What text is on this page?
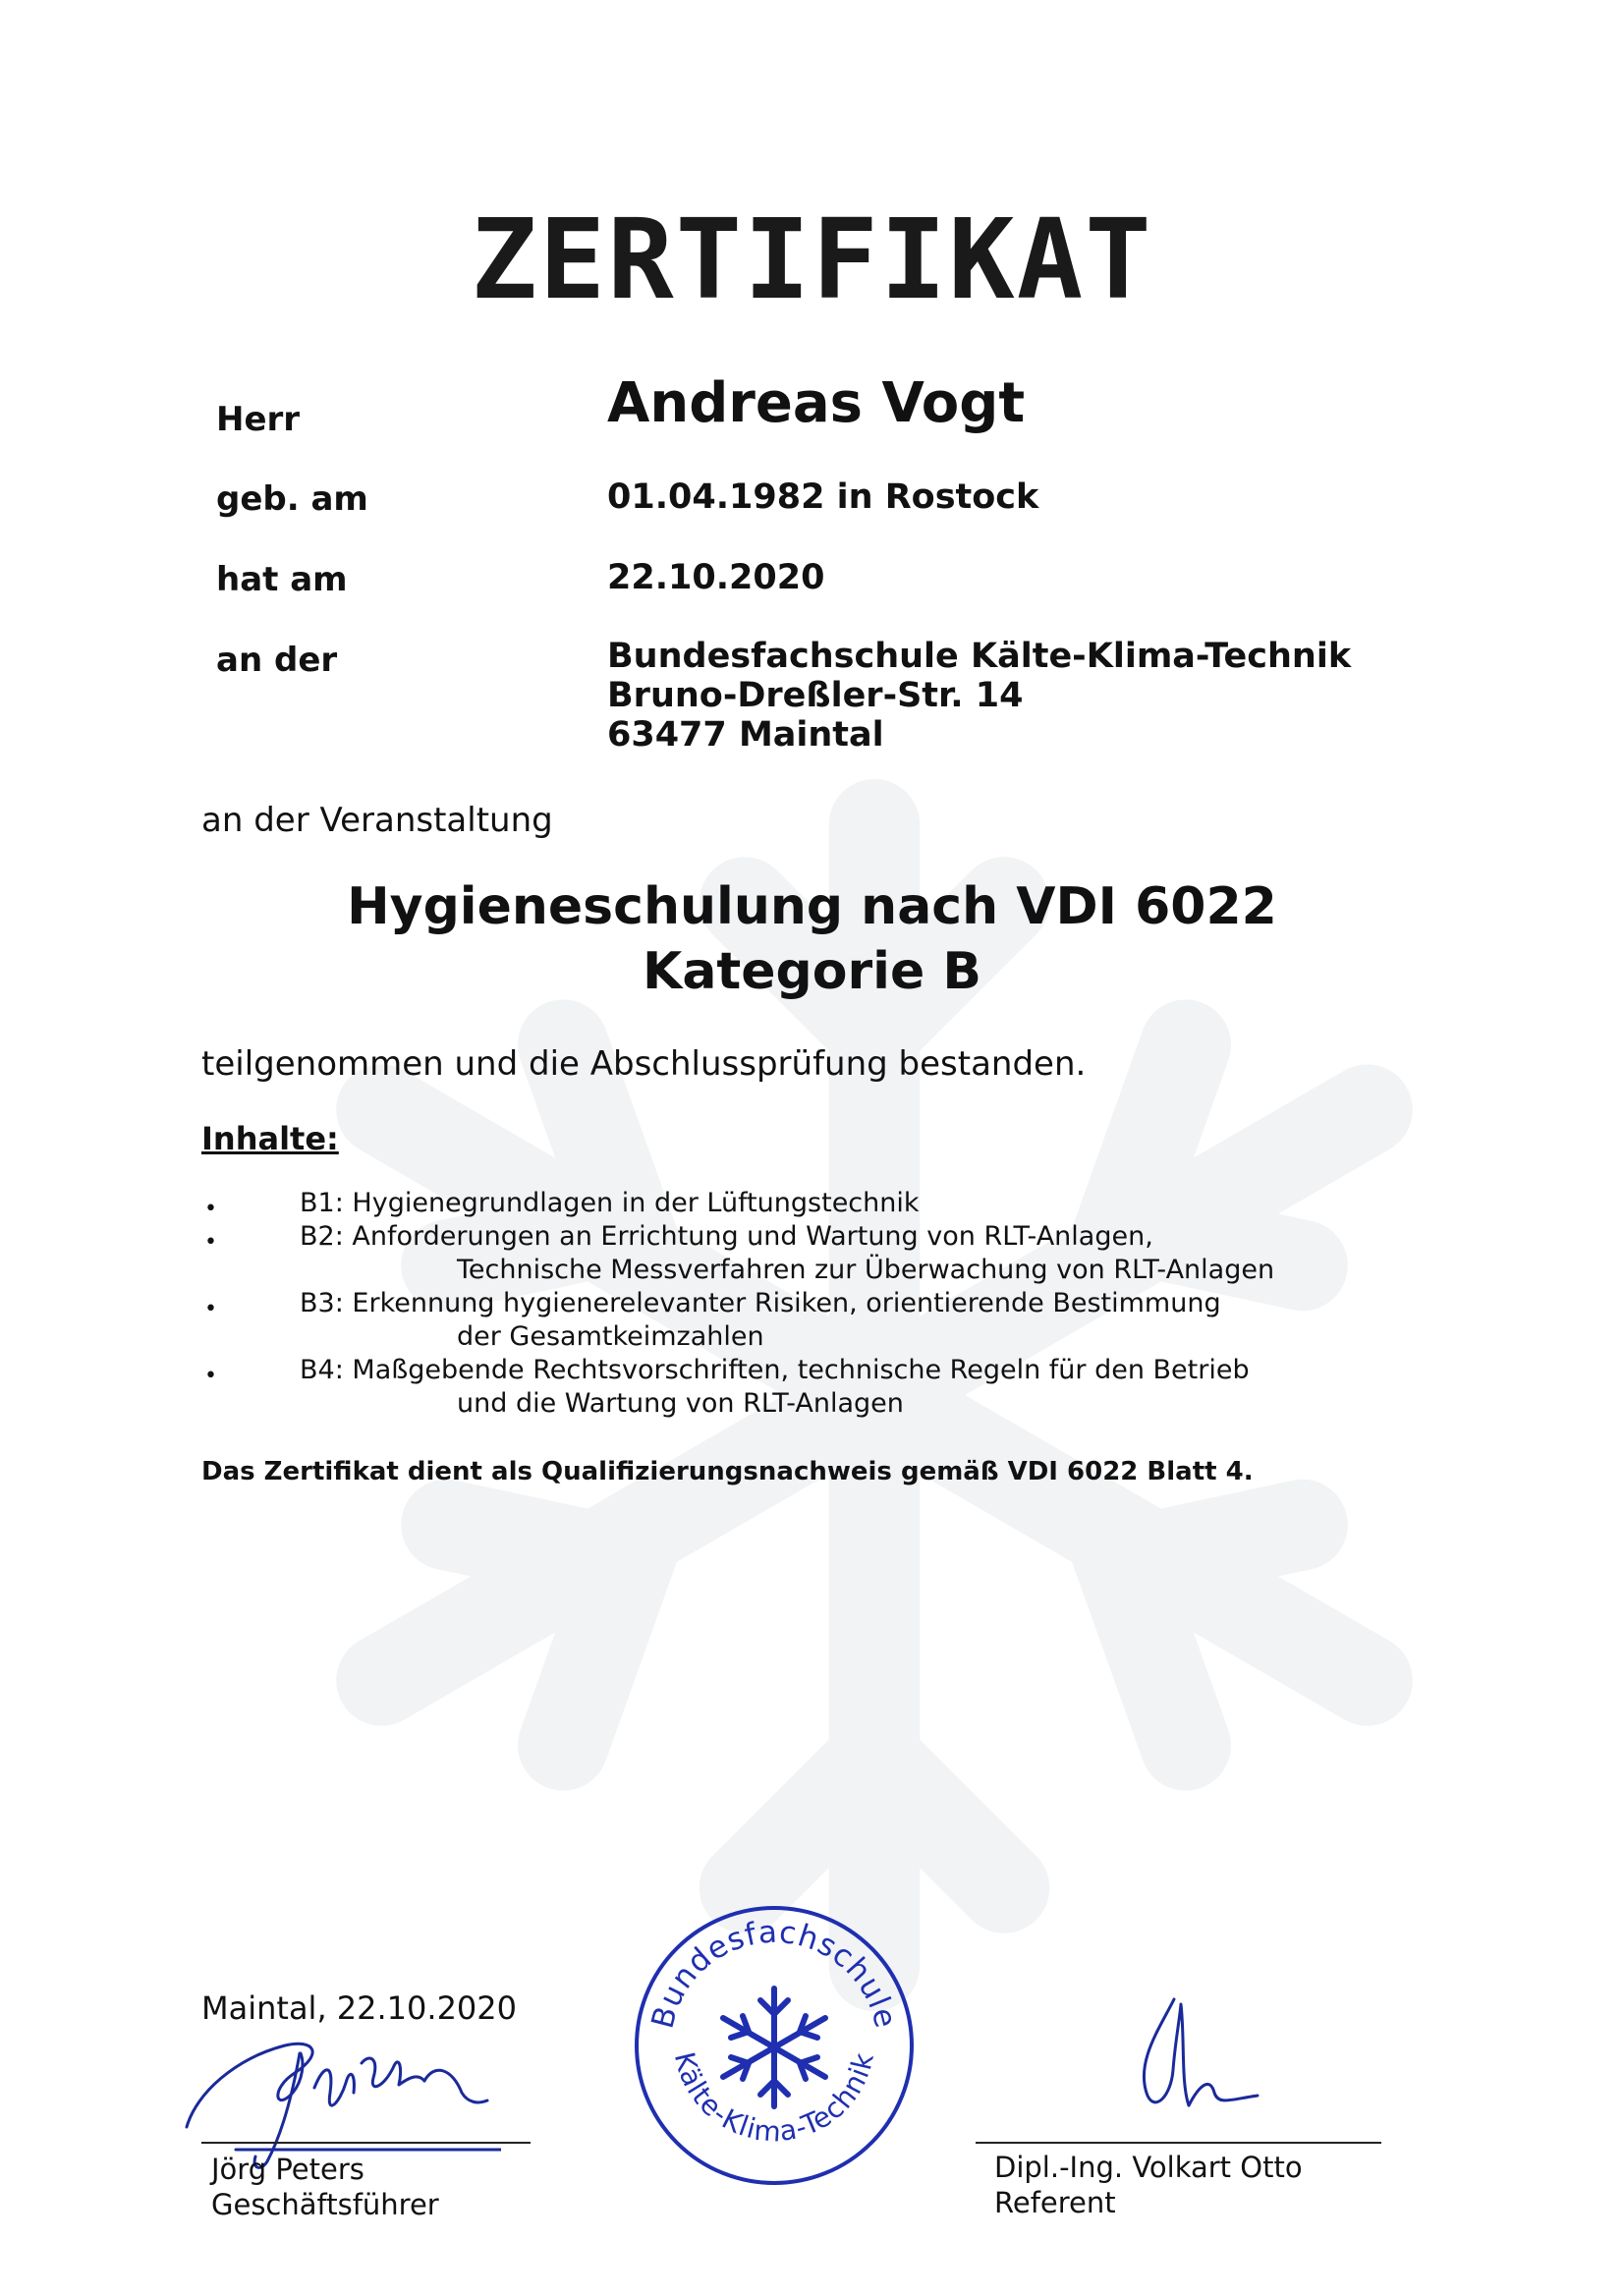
ZERTIFIKAT
Herr	Andreas Vogt
geb. am	01.04.1982 in Rostock
hat am	22.10.2020
an der	Bundesfachschule Kälte-Klima-Technik
Bruno-Dreßler-Str. 14
63477 Maintal
an der Veranstaltung
Hygieneschulung nach VDI 6022
Kategorie B
teilgenommen und die Abschlussprüfung bestanden.
Inhalte:
•	B1: Hygienegrundlagen in der Lüftungstechnik
•	B2: Anforderungen an Errichtung und Wartung von RLT-Anlagen,
Technische Messverfahren zur Überwachung von RLT-Anlagen
•	B3: Erkennung hygienerelevanter Risiken, orientierende Bestimmung
der Gesamtkeimzahlen
•	B4: Maßgebende Rechtsvorschriften, technische Regeln für den Betrieb
und die Wartung von RLT-Anlagen
Das Zertifikat dient als Qualifizierungsnachweis gemäß VDI 6022 Blatt 4.
Maintal, 22.10.2020
Jörg Peters
Geschäftsführer
Bundesfachschule
Kälte-Klima-Technik
Dipl.-Ing. Volkart Otto
Referent
